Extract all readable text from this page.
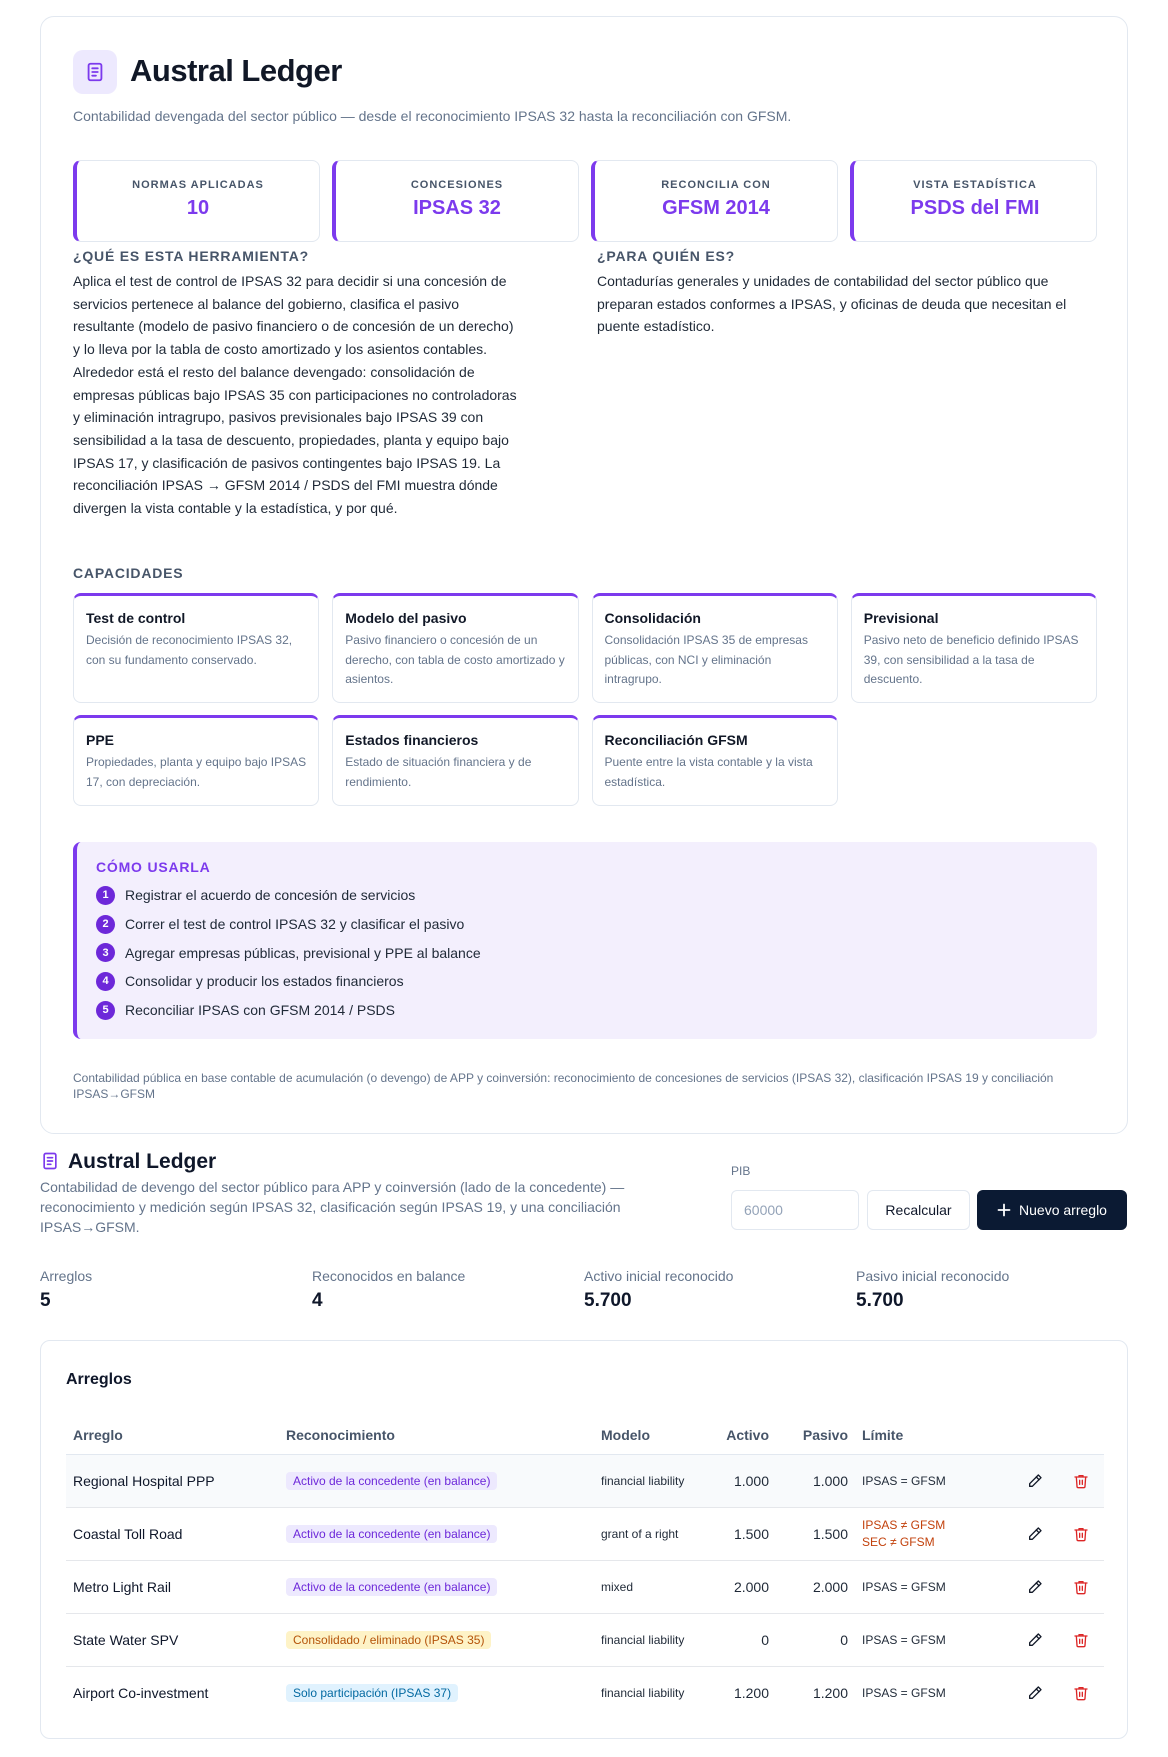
Austral Ledger
Contabilidad devengada del sector público — desde el reconocimiento IPSAS 32 hasta la reconciliación con GFSM.
NORMAS APLICADAS
10
CONCESIONES
IPSAS 32
RECONCILIA CON
GFSM 2014
VISTA ESTADÍSTICA
PSDS del FMI
¿QUÉ ES ESTA HERRAMIENTA?
Aplica el test de control de IPSAS 32 para decidir si una concesión de servicios pertenece al balance del gobierno, clasifica el pasivo resultante (modelo de pasivo financiero o de concesión de un derecho) y lo lleva por la tabla de costo amortizado y los asientos contables. Alrededor está el resto del balance devengado: consolidación de empresas públicas bajo IPSAS 35 con participaciones no controladoras y eliminación intragrupo, pasivos previsionales bajo IPSAS 39 con sensibilidad a la tasa de descuento, propiedades, planta y equipo bajo IPSAS 17, y clasificación de pasivos contingentes bajo IPSAS 19. La reconciliación IPSAS → GFSM 2014 / PSDS del FMI muestra dónde divergen la vista contable y la estadística, y por qué.
¿PARA QUIÉN ES?
Contadurías generales y unidades de contabilidad del sector público que preparan estados conformes a IPSAS, y oficinas de deuda que necesitan el puente estadístico.
CAPACIDADES
Test de control
Decisión de reconocimiento IPSAS 32, con su fundamento conservado.
Modelo del pasivo
Pasivo financiero o concesión de un derecho, con tabla de costo amortizado y asientos.
Consolidación
Consolidación IPSAS 35 de empresas públicas, con NCI y eliminación intragrupo.
Previsional
Pasivo neto de beneficio definido IPSAS 39, con sensibilidad a la tasa de descuento.
PPE
Propiedades, planta y equipo bajo IPSAS 17, con depreciación.
Estados financieros
Estado de situación financiera y de rendimiento.
Reconciliación GFSM
Puente entre la vista contable y la vista estadística.
CÓMO USARLA
1	Registrar el acuerdo de concesión de servicios
2	Correr el test de control IPSAS 32 y clasificar el pasivo
3	Agregar empresas públicas, previsional y PPE al balance
4	Consolidar y producir los estados financieros
5	Reconciliar IPSAS con GFSM 2014 / PSDS
Contabilidad pública en base contable de acumulación (o devengo) de APP y coinversión: reconocimiento de concesiones de servicios (IPSAS 32), clasificación IPSAS 19 y conciliación IPSAS→GFSM
Austral Ledger
Contabilidad de devengo del sector público para APP y coinversión (lado de la concedente) — reconocimiento y medición según IPSAS 32, clasificación según IPSAS 19, y una conciliación IPSAS→GFSM.
PIB
60000
Recalcular	Nuevo arreglo
Arreglos
5
Reconocidos en balance
4
Activo inicial reconocido
5.700
Pasivo inicial reconocido
5.700
Arreglos
Arreglo	Reconocimiento	Modelo	Activo	Pasivo	Límite		
Regional Hospital PPP	Activo de la concedente (en balance)	financial liability	1.000	1.000	IPSAS = GFSM

Coastal Toll Road	Activo de la concedente (en balance)	grant of a right	1.500	1.500	IPSAS ≠ GFSM
SEC ≠ GFSM

Metro Light Rail	Activo de la concedente (en balance)	mixed	2.000	2.000	IPSAS = GFSM

State Water SPV	Consolidado / eliminado (IPSAS 35)	financial liability	0	0	IPSAS = GFSM

Airport Co-investment	Solo participación (IPSAS 37)	financial liability	1.200	1.200	IPSAS = GFSM
